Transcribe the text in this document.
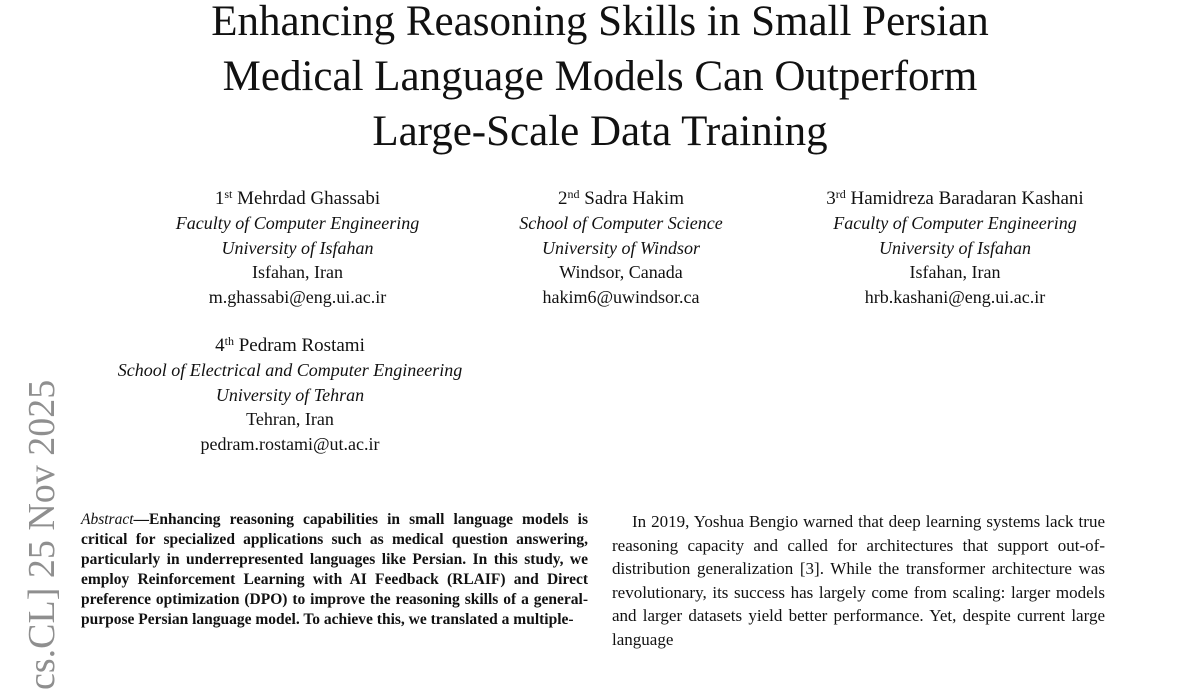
Enhancing Reasoning Skills in Small Persian
Medical Language Models Can Outperform
Large-Scale Data Training
1st Mehrdad Ghassabi
Faculty of Computer Engineering
University of Isfahan
Isfahan, Iran
m.ghassabi@eng.ui.ac.ir
2nd Sadra Hakim
School of Computer Science
University of Windsor
Windsor, Canada
hakim6@uwindsor.ca
3rd Hamidreza Baradaran Kashani
Faculty of Computer Engineering
University of Isfahan
Isfahan, Iran
hrb.kashani@eng.ui.ac.ir
4th Pedram Rostami
School of Electrical and Computer Engineering
University of Tehran
Tehran, Iran
pedram.rostami@ut.ac.ir
cs.CL] 25 Nov 2025 Abstract—Enhancing reasoning capabilities in small language models is critical for specialized applications such as medical question answering, particularly in underrepresented languages like Persian. In this study, we employ Reinforcement Learning with AI Feedback (RLAIF) and Direct preference optimization (DPO) to improve the reasoning skills of a general-purpose Persian language model. To achieve this, we translated a multiple-

In 2019, Yoshua Bengio warned that deep learning systems lack true reasoning capacity and called for architectures that support out-of-distribution generalization [3]. While the transformer architecture was revolutionary, its success has largely come from scaling: larger models and larger datasets yield better performance. Yet, despite current large language
